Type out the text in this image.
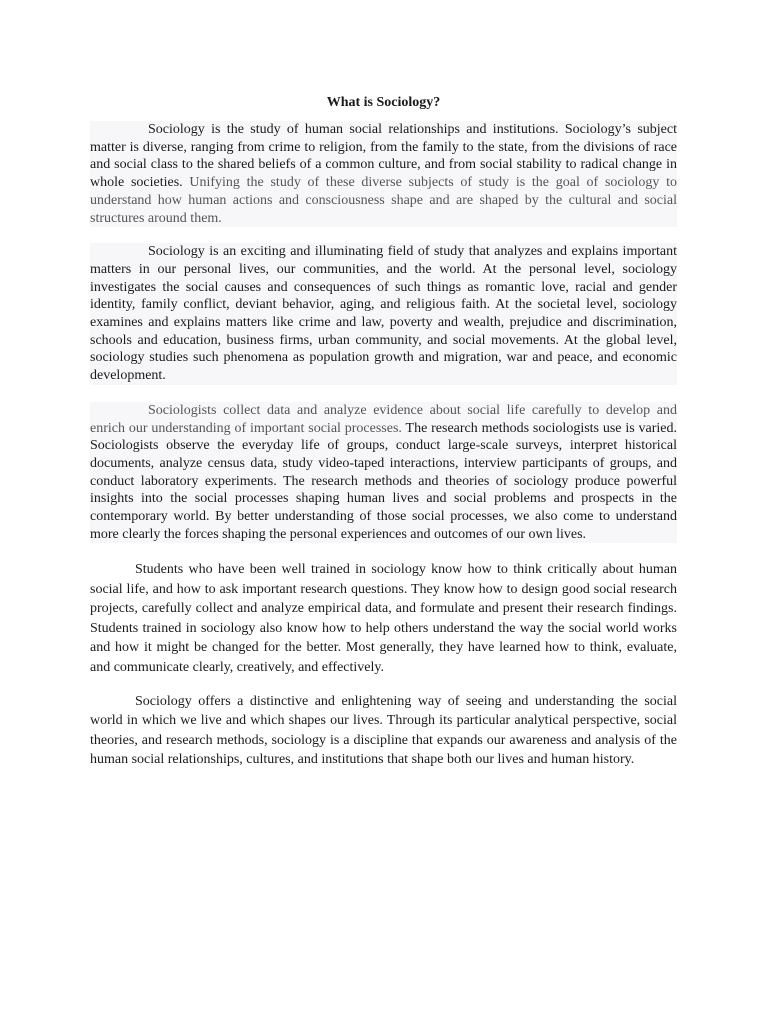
What is Sociology?

Sociology is the study of human social relationships and institutions. Sociology’s subject matter is diverse, ranging from crime to religion, from the family to the state, from the divisions of race and social class to the shared beliefs of a common culture, and from social stability to radical change in whole societies. Unifying the study of these diverse subjects of study is the goal of sociology to understand how human actions and consciousness shape and are shaped by the cultural and social structures around them.

Sociology is an exciting and illuminating field of study that analyzes and explains important matters in our personal lives, our communities, and the world. At the personal level, sociology investigates the social causes and consequences of such things as romantic love, racial and gender identity, family conflict, deviant behavior, aging, and religious faith. At the societal level, sociology examines and explains matters like crime and law, poverty and wealth, prejudice and discrimination, schools and education, business firms, urban community, and social movements. At the global level, sociology studies such phenomena as population growth and migration, war and peace, and economic development.

Sociologists collect data and analyze evidence about social life carefully to develop and enrich our understanding of important social processes. The research methods sociologists use is varied. Sociologists observe the everyday life of groups, conduct large-scale surveys, interpret historical documents, analyze census data, study video-taped interactions, interview participants of groups, and conduct laboratory experiments. The research methods and theories of sociology produce powerful insights into the social processes shaping human lives and social problems and prospects in the contemporary world. By better understanding of those social processes, we also come to understand more clearly the forces shaping the personal experiences and outcomes of our own lives.

Students who have been well trained in sociology know how to think critically about human social life, and how to ask important research questions. They know how to design good social research projects, carefully collect and analyze empirical data, and formulate and present their research findings. Students trained in sociology also know how to help others understand the way the social world works and how it might be changed for the better. Most generally, they have learned how to think, evaluate, and communicate clearly, creatively, and effectively.

Sociology offers a distinctive and enlightening way of seeing and understanding the social world in which we live and which shapes our lives. Through its particular analytical perspective, social theories, and research methods, sociology is a discipline that expands our awareness and analysis of the human social relationships, cultures, and institutions that shape both our lives and human history.
